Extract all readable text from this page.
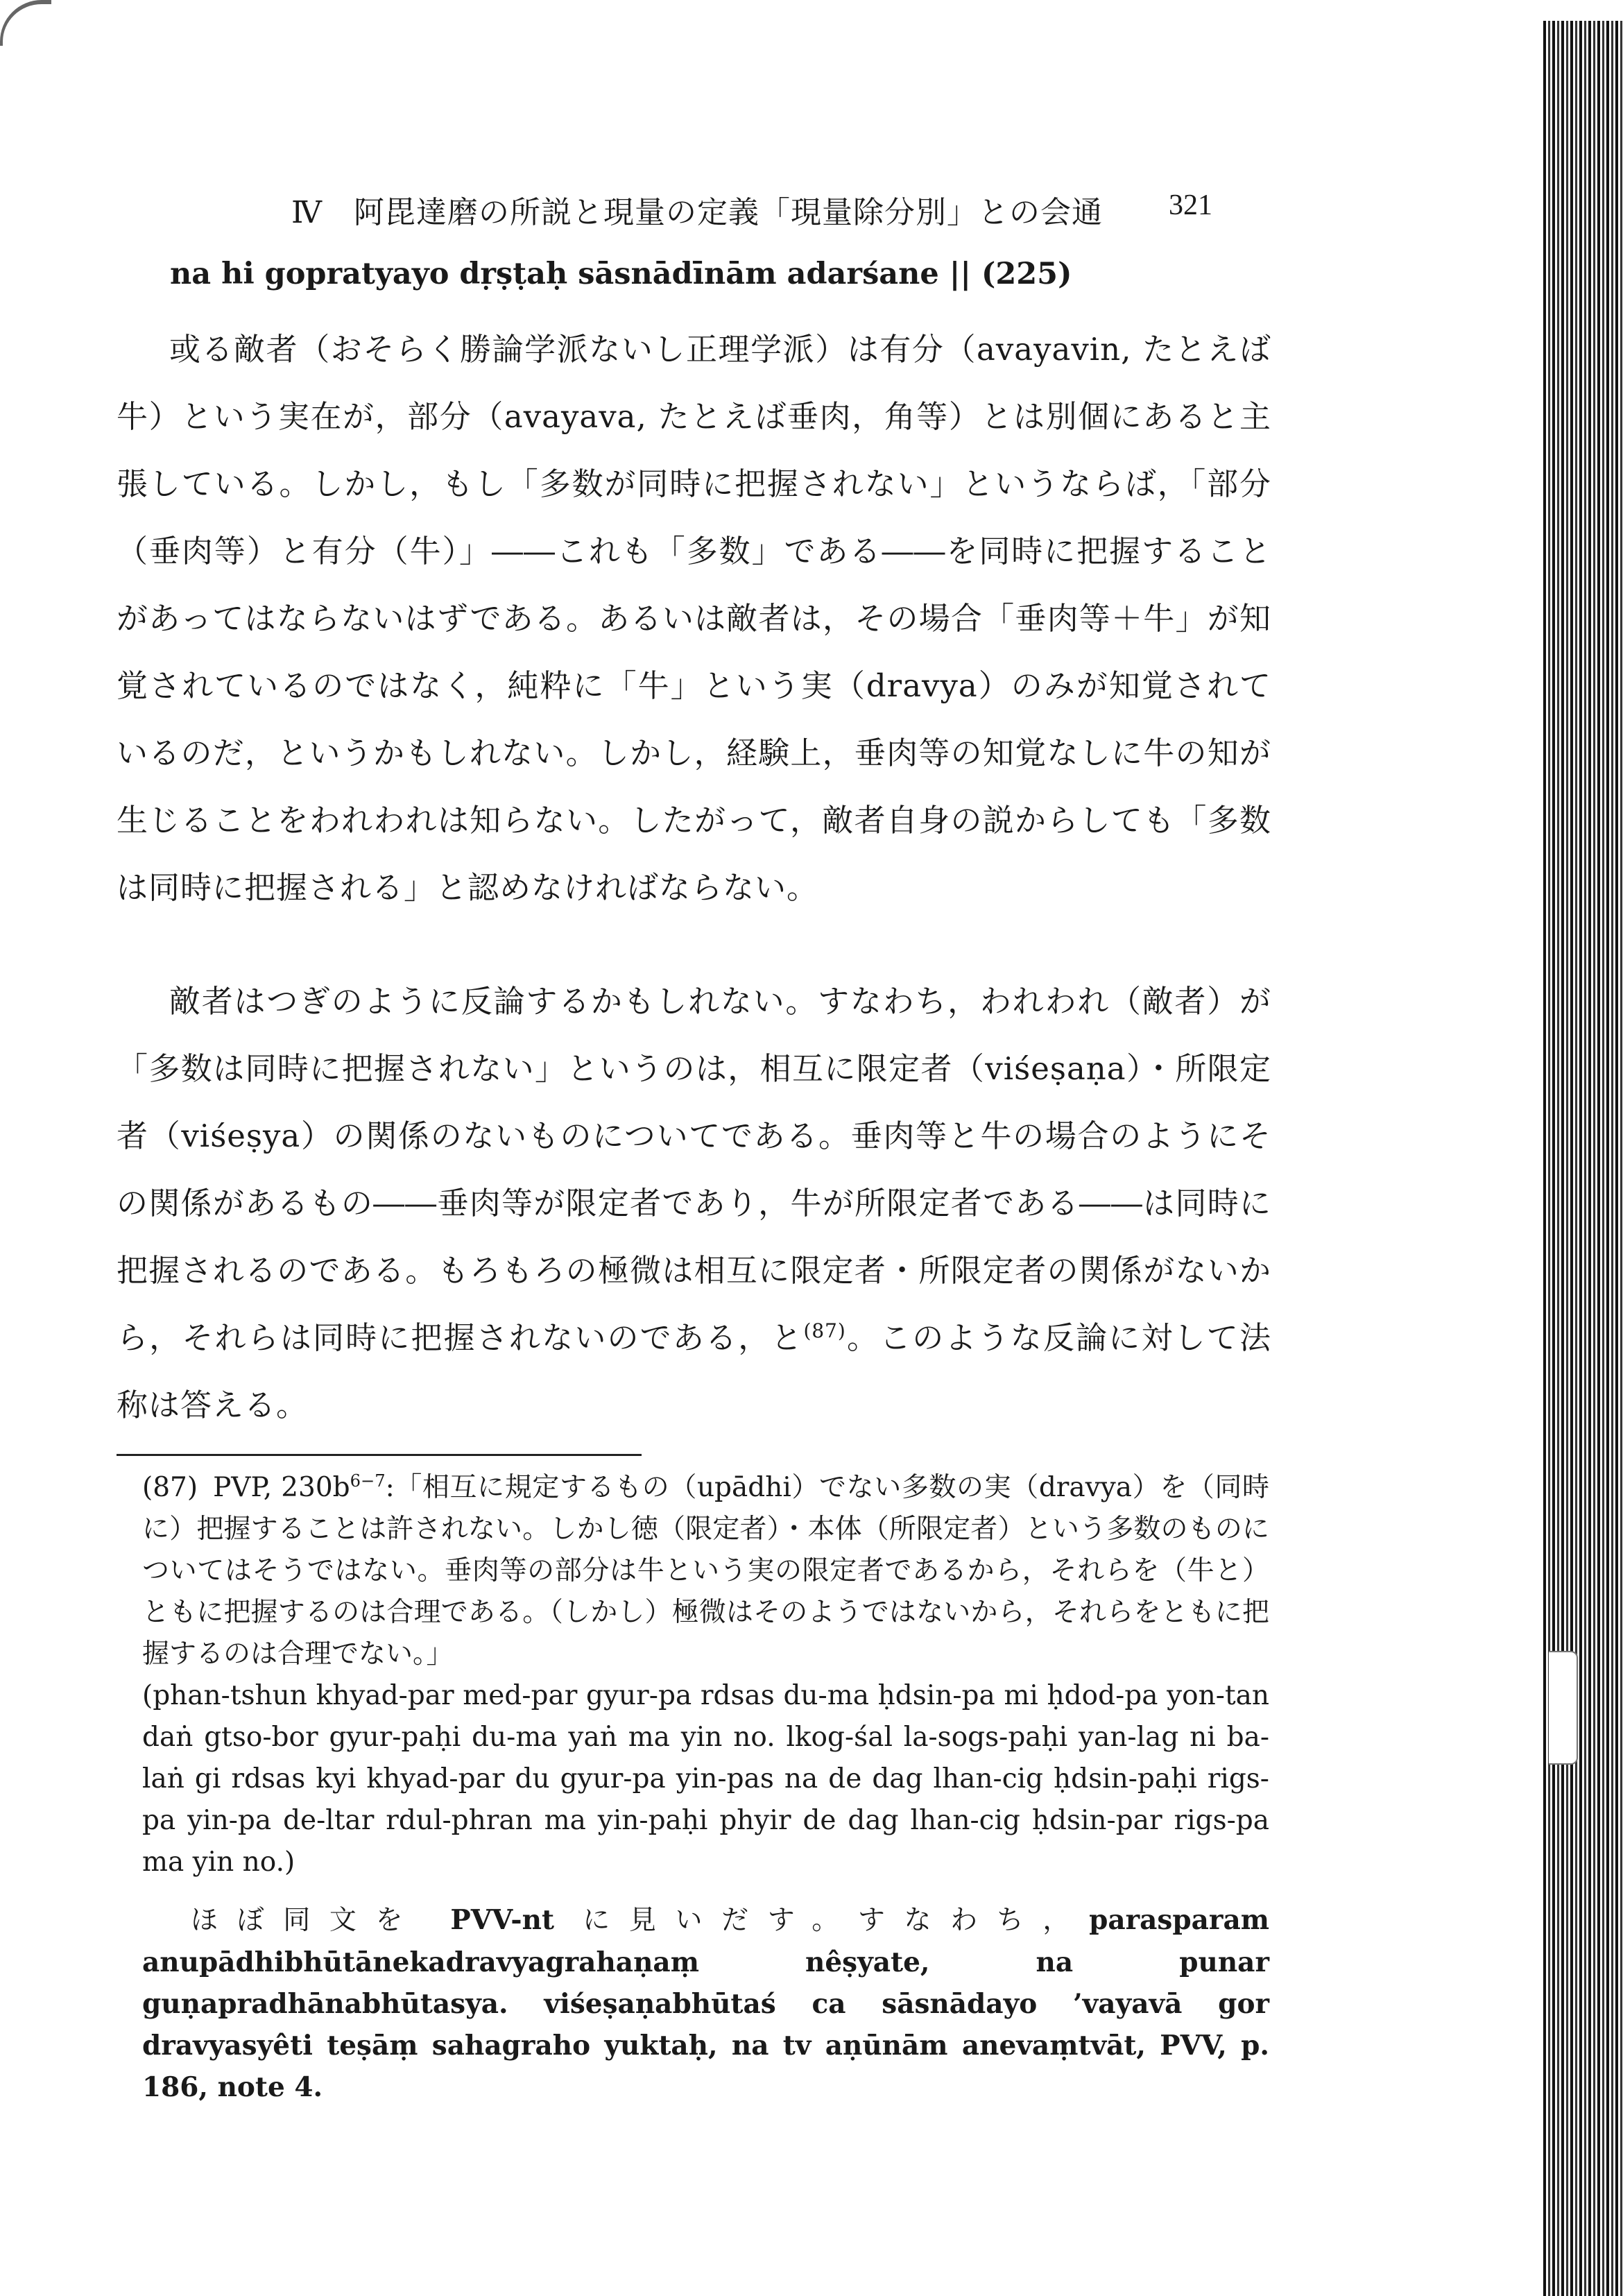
Ⅳ　阿毘達磨の所説と現量の定義「現量除分別」との会通 321
na hi gopratyayo dṛṣṭaḥ sāsnādīnām adarśane || (225)

或る敵者（おそらく勝論学派ないし正理学派）は有分（avayavin, たとえば牛）という実在が，部分（avayava, たとえば垂肉，角等）とは別個にあると主張している。しかし，もし「多数が同時に把握されない」というならば，「部分（垂肉等）と有分（牛）」――これも「多数」である――を同時に把握することがあってはならないはずである。あるいは敵者は，その場合「垂肉等＋牛」が知覚されているのではなく，純粋に「牛」という実（dravya）のみが知覚されているのだ，というかもしれない。しかし，経験上，垂肉等の知覚なしに牛の知が生じることをわれわれは知らない。したがって，敵者自身の説からしても「多数は同時に把握される」と認めなければならない。

敵者はつぎのように反論するかもしれない。すなわち，われわれ（敵者）が「多数は同時に把握されない」というのは，相互に限定者（viśeṣaṇa）・所限定者（viśeṣya）の関係のないものについてである。垂肉等と牛の場合のようにその関係があるもの――垂肉等が限定者であり，牛が所限定者である――は同時に把握されるのである。もろもろの極微は相互に限定者・所限定者の関係がないから，それらは同時に把握されないのである，と$^{(87)}$。このような反論に対して法称は答える。

(87) PVP, $230b^{6-7}$:「相互に規定するもの（upādhi）でない多数の実（dravya）を（同時に）把握することは許されない。しかし徳（限定者）・本体（所限定者）という多数のものについてはそうではない。垂肉等の部分は牛という実の限定者であるから，それらを（牛と）ともに把握するのは合理である。（しかし）極微はそのようではないから，それらをともに把握するのは合理でない。」
(phan-tshun khyad-par med-par gyur-pa rdsas du-ma ḥdsin-pa mi ḥdod-pa yon-tan daṅ gtso-bor gyur-paḥi du-ma yaṅ ma yin no. lkog-śal la-sogs-paḥi yan-lag ni ba-laṅ gi rdsas kyi khyad-par du gyur-pa yin-pas na de dag lhan-cig ḥdsin-paḥi rigs-pa yin-pa de-ltar rdul-phran ma yin-paḥi phyir de dag lhan-cig ḥdsin-par rigs-pa ma yin no.)
ほぼ同文を PVV-nt に見いだす。すなわち，parasparam anupādhibhūtānekadravyagrahaṇaṃ nêṣyate, na punar guṇapradhānabhūtasya. viśeṣaṇabhūtaś ca sāsnādayo ’vayavā gor dravyasyêti teṣāṃ sahagraho yuktaḥ, na tv aṇūnām anevaṃtvāt, PVV, p. 186, note 4.
